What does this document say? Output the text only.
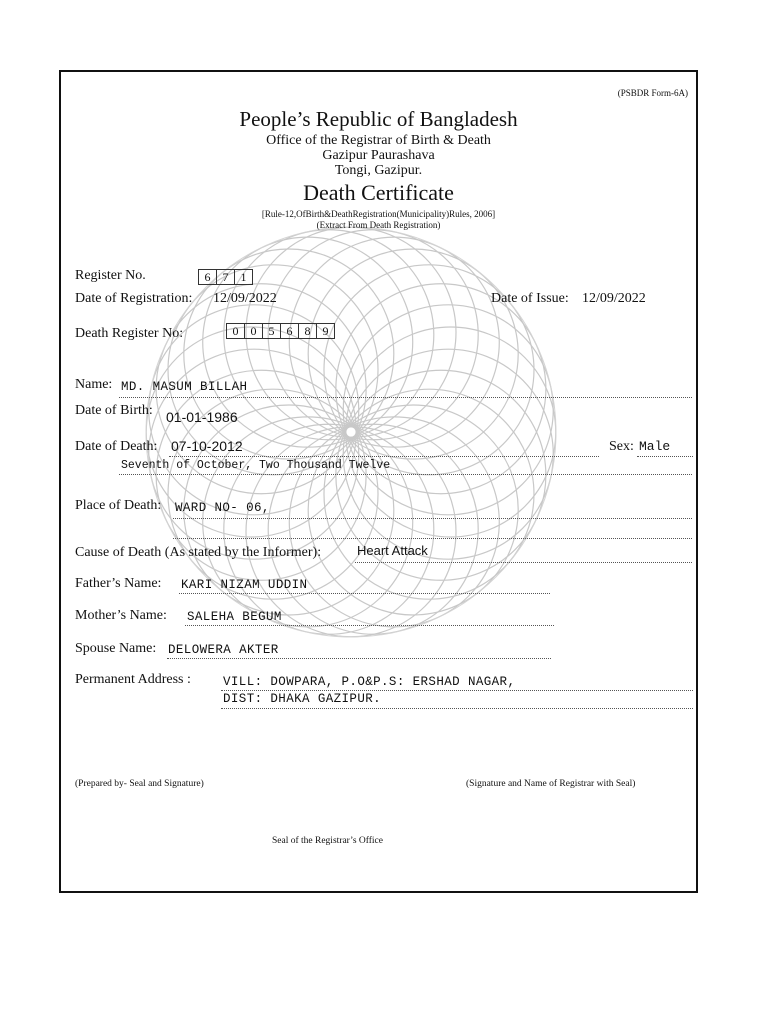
(PSBDR Form-6A)
People’s Republic of Bangladesh
Office of the Registrar of Birth & Death
Gazipur Paurashava
Tongi, Gazipur.
Death Certificate
[Rule-12,OfBirth&DeathRegistration(Municipality)Rules, 2006]
(Extract From Death Registration)
Register No.	6	7	1
Date of Registration: 12/09/2022	Date of Issue: 12/09/2022
Death Register No:	0	0	5	6	8	9
Name: MD. MASUM BILLAH
Date of Birth: 01-01-1986
Date of Death: 07-10-2012	Sex: Male
Seventh of October, Two Thousand Twelve
Place of Death: WARD NO- 06,
Cause of Death (As stated by the Informer):	Heart Attack
Father’s Name: KARI NIZAM UDDIN
Mother’s Name: SALEHA BEGUM
Spouse Name: DELOWERA AKTER
Permanent Address :	VILL: DOWPARA, P.O&P.S: ERSHAD NAGAR,
DIST: DHAKA GAZIPUR.
(Prepared by- Seal and Signature)	(Signature and Name of Registrar with Seal)
Seal of the Registrar’s Office
